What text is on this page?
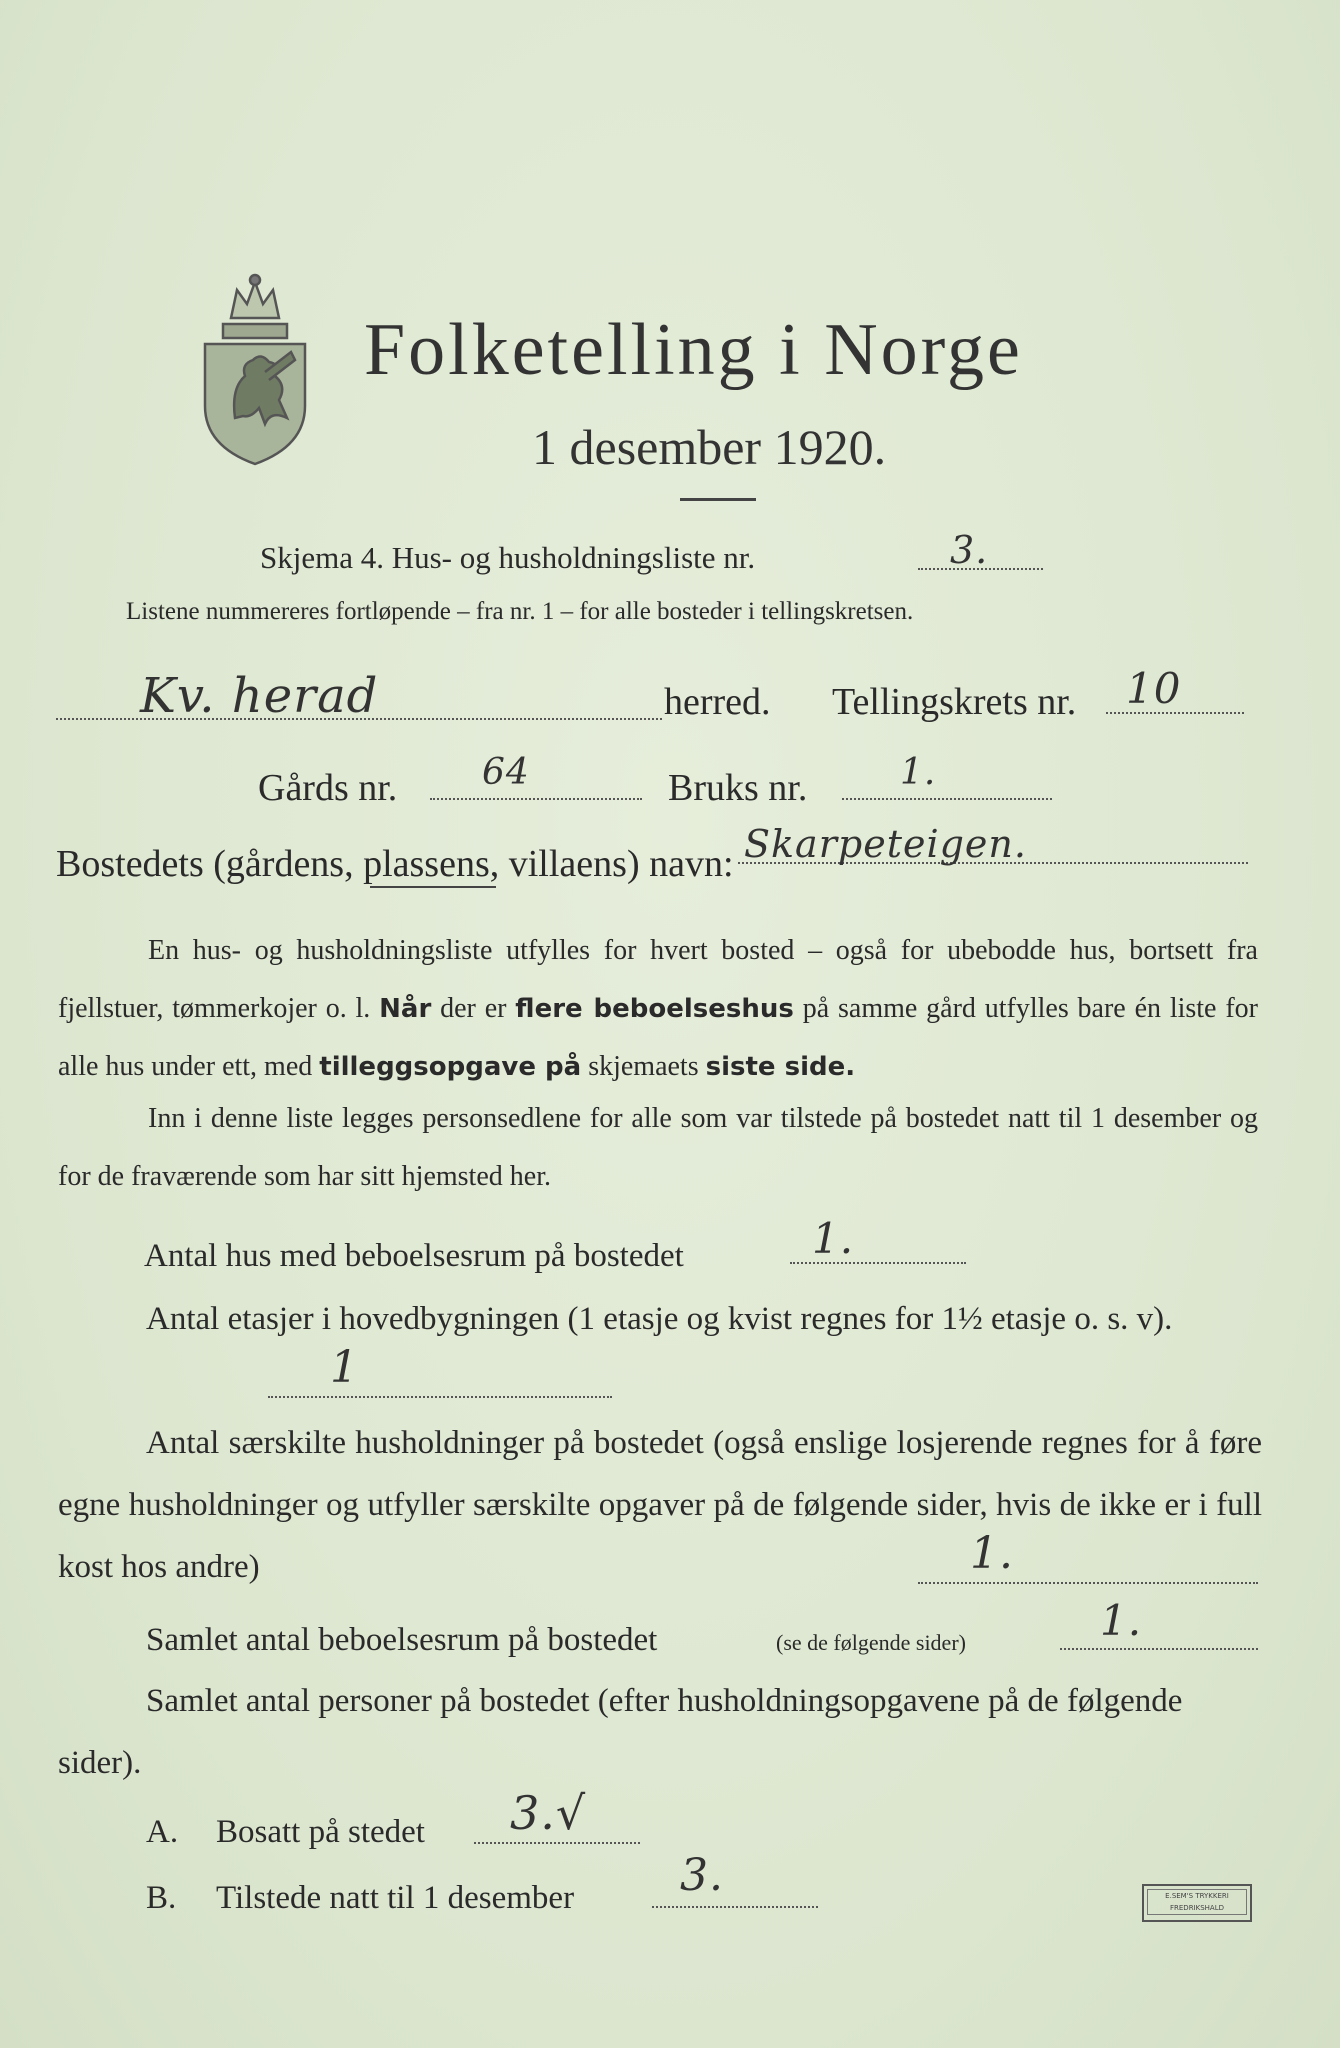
Folketelling i Norge
1 desember 1920.
Skjema 4. Hus- og husholdningsliste nr.	3.
Listene nummereres fortløpende – fra nr. 1 – for alle bosteder i tellingskretsen.
Kv. herad	herred. Tellingskrets nr. 10
Gårds nr. 64	Bruks nr.	1.
Bostedets (gårdens, plassens, villaens) navn: Skarpeteigen.
En hus- og husholdningsliste utfylles for hvert bosted – også for ubebodde hus, bortsett fra fjellstuer, tømmerkojer o. l. Når der er flere beboelseshus på samme gård utfylles bare én liste for alle hus under ett, med tilleggsopgave på skjemaets siste side.
Inn i denne liste legges personsedlene for alle som var tilstede på bostedet natt til 1 desember og for de fraværende som har sitt hjemsted her.
Antal hus med beboelsesrum på bostedet	1.
Antal etasjer i hovedbygningen (1 etasje og kvist regnes for 1½ etasje o. s. v).
1
Antal særskilte husholdninger på bostedet (også enslige losjerende regnes for å føre egne husholdninger og utfyller særskilte opgaver på de følgende sider, hvis de ikke er i full kost hos andre)	1.
Samlet antal beboelsesrum på bostedet	(se de følgende sider)	1.
Samlet antal personer på bostedet (efter husholdningsopgavene på de følgende sider).
A. Bosatt på stedet 3.√
B. Tilstede natt til 1 desember 3.	E.SEM'S TRYKKERI
FREDRIKSHALD
